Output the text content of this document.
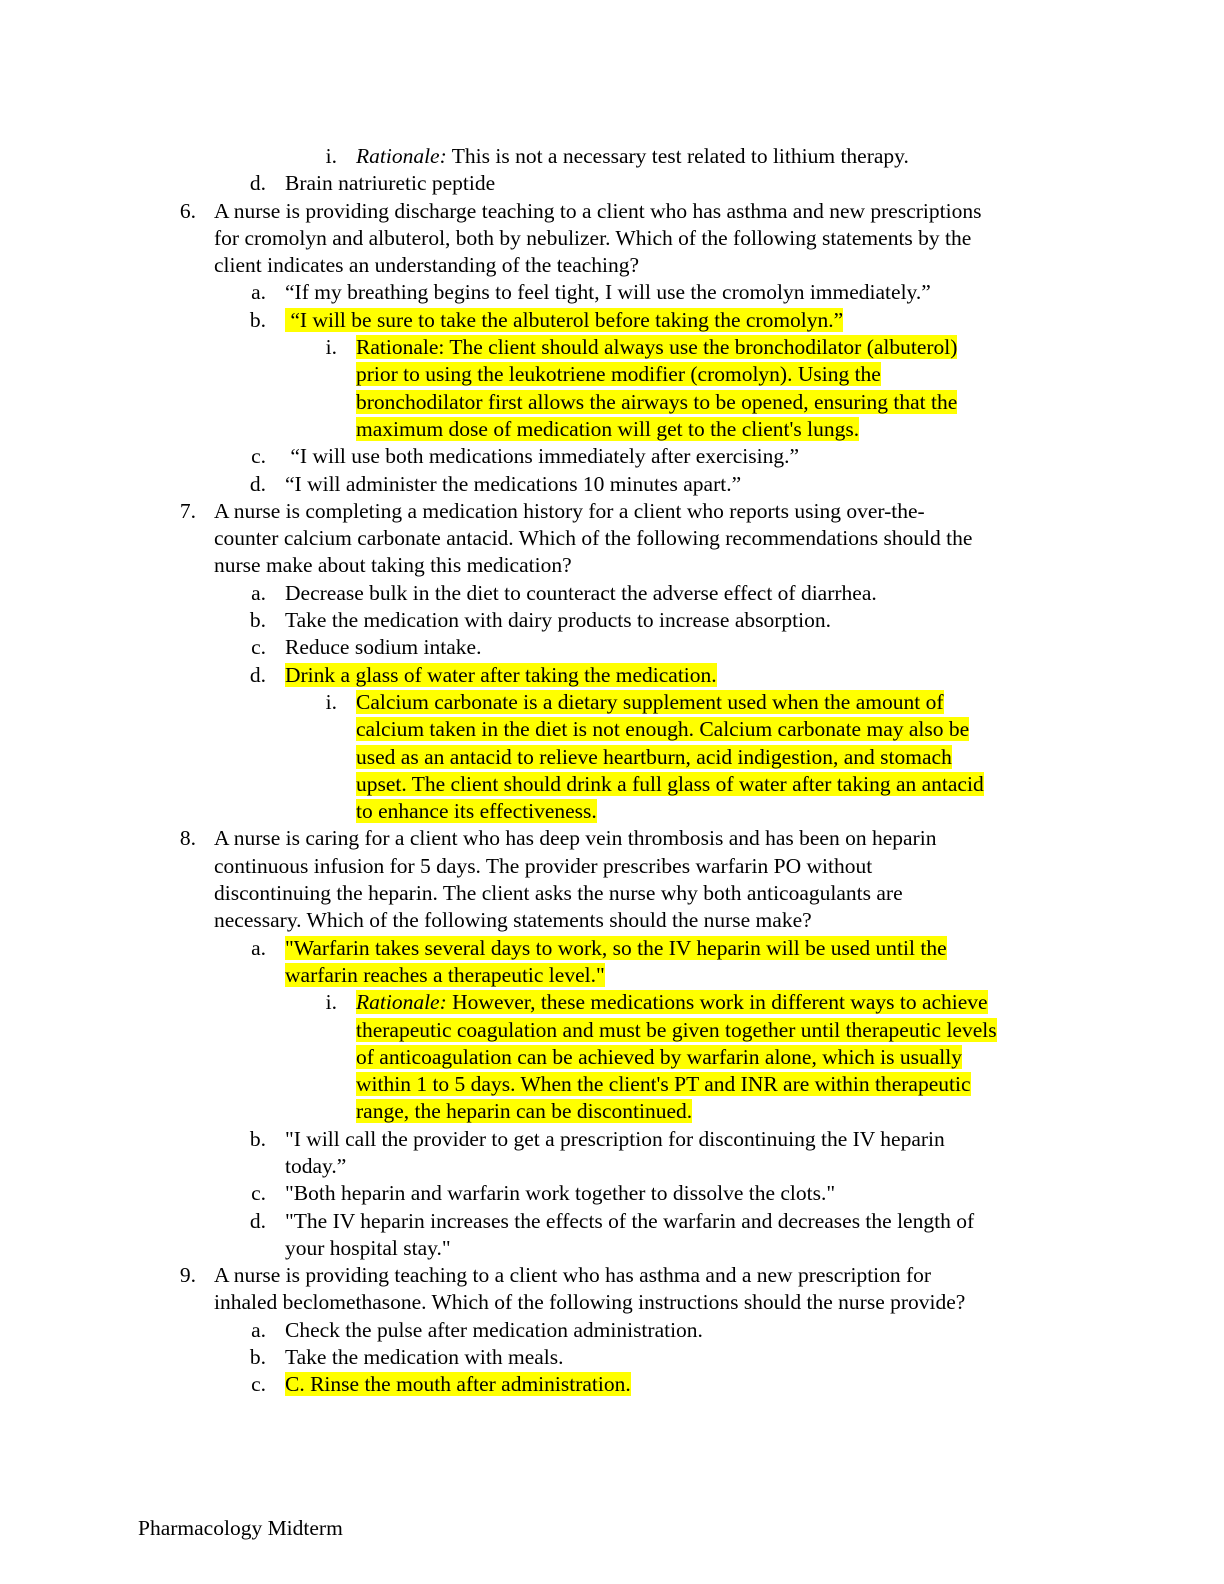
i. Rationale: This is not a necessary test related to lithium therapy.
d. Brain natriuretic peptide
6. A nurse is providing discharge teaching to a client who has asthma and new prescriptions
for cromolyn and albuterol, both by nebulizer. Which of the following statements by the
client indicates an understanding of the teaching?
a. “If my breathing begins to feel tight, I will use the cromolyn immediately.”
b. “I will be sure to take the albuterol before taking the cromolyn.”
i. Rationale: The client should always use the bronchodilator (albuterol)
prior to using the leukotriene modifier (cromolyn). Using the
bronchodilator first allows the airways to be opened, ensuring that the
maximum dose of medication will get to the client's lungs.
c. “I will use both medications immediately after exercising.”
d. “I will administer the medications 10 minutes apart.”
7. A nurse is completing a medication history for a client who reports using over-the-
counter calcium carbonate antacid. Which of the following recommendations should the
nurse make about taking this medication?
a. Decrease bulk in the diet to counteract the adverse effect of diarrhea.
b. Take the medication with dairy products to increase absorption.
c. Reduce sodium intake.
d. Drink a glass of water after taking the medication.
i. Calcium carbonate is a dietary supplement used when the amount of
calcium taken in the diet is not enough. Calcium carbonate may also be
used as an antacid to relieve heartburn, acid indigestion, and stomach
upset. The client should drink a full glass of water after taking an antacid
to enhance its effectiveness.
8. A nurse is caring for a client who has deep vein thrombosis and has been on heparin
continuous infusion for 5 days. The provider prescribes warfarin PO without
discontinuing the heparin. The client asks the nurse why both anticoagulants are
necessary. Which of the following statements should the nurse make?
a. "Warfarin takes several days to work, so the IV heparin will be used until the
warfarin reaches a therapeutic level."
i. Rationale: However, these medications work in different ways to achieve
therapeutic coagulation and must be given together until therapeutic levels
of anticoagulation can be achieved by warfarin alone, which is usually
within 1 to 5 days. When the client's PT and INR are within therapeutic
range, the heparin can be discontinued.
b. "I will call the provider to get a prescription for discontinuing the IV heparin
today.”
c. "Both heparin and warfarin work together to dissolve the clots."
d. "The IV heparin increases the effects of the warfarin and decreases the length of
your hospital stay."
9. A nurse is providing teaching to a client who has asthma and a new prescription for
inhaled beclomethasone. Which of the following instructions should the nurse provide?
a. Check the pulse after medication administration.
b. Take the medication with meals.
c. C. Rinse the mouth after administration.
Pharmacology Midterm
